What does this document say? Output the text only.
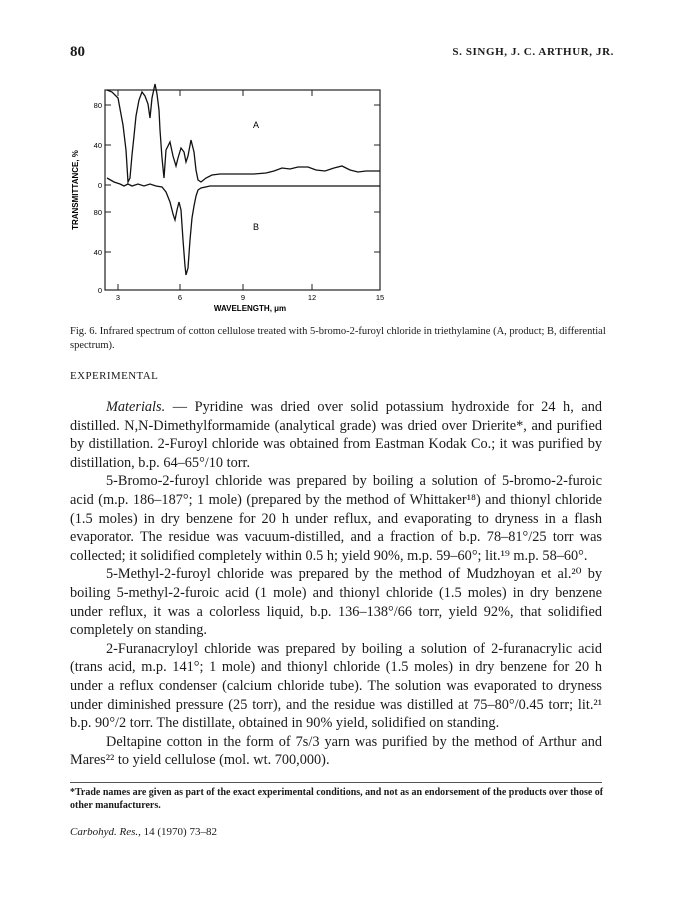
80	S. SINGH, J. C. ARTHUR, JR.
TRANSMITTANCE, %
80
40
0
80
40
0
3	6	9	12	15
WAVELENGTH, μm
A
B
Fig. 6. Infrared spectrum of cotton cellulose treated with 5-bromo-2-furoyl chloride in triethylamine (A, product; B, differential spectrum).
EXPERIMENTAL

Materials. — Pyridine was dried over solid potassium hydroxide for 24 h, and distilled. N,N-Dimethylformamide (analytical grade) was dried over Drierite*, and purified by distillation. 2-Furoyl chloride was obtained from Eastman Kodak Co.; it was purified by distillation, b.p. 64–65°/10 torr.

5-Bromo-2-furoyl chloride was prepared by boiling a solution of 5-bromo-2-furoic acid (m.p. 186–187°; 1 mole) (prepared by the method of Whittaker¹⁸) and thionyl chloride (1.5 moles) in dry benzene for 20 h under reflux, and evaporating to dryness in a flash evaporator. The residue was vacuum-distilled, and a fraction of b.p. 78–81°/25 torr was collected; it solidified completely within 0.5 h; yield 90%, m.p. 59–60°; lit.¹⁹ m.p. 58–60°.

5-Methyl-2-furoyl chloride was prepared by the method of Mudzhoyan et al.²⁰ by boiling 5-methyl-2-furoic acid (1 mole) and thionyl chloride (1.5 moles) in dry benzene under reflux, it was a colorless liquid, b.p. 136–138°/66 torr, yield 92%, that solidified completely on standing.

2-Furanacryloyl chloride was prepared by boiling a solution of 2-furanacrylic acid (trans acid, m.p. 141°; 1 mole) and thionyl chloride (1.5 moles) in dry benzene for 20 h under a reflux condenser (calcium chloride tube). The solution was evaporated to dryness under diminished pressure (25 torr), and the residue was distilled at 75–80°/0.45 torr; lit.²¹ b.p. 90°/2 torr. The distillate, obtained in 90% yield, solidified on standing.

Deltapine cotton in the form of 7s/3 yarn was purified by the method of Arthur and Mares²² to yield cellulose (mol. wt. 700,000).

*Trade names are given as part of the exact experimental conditions, and not as an endorsement of the products over those of other manufacturers.
Carbohyd. Res., 14 (1970) 73–82
